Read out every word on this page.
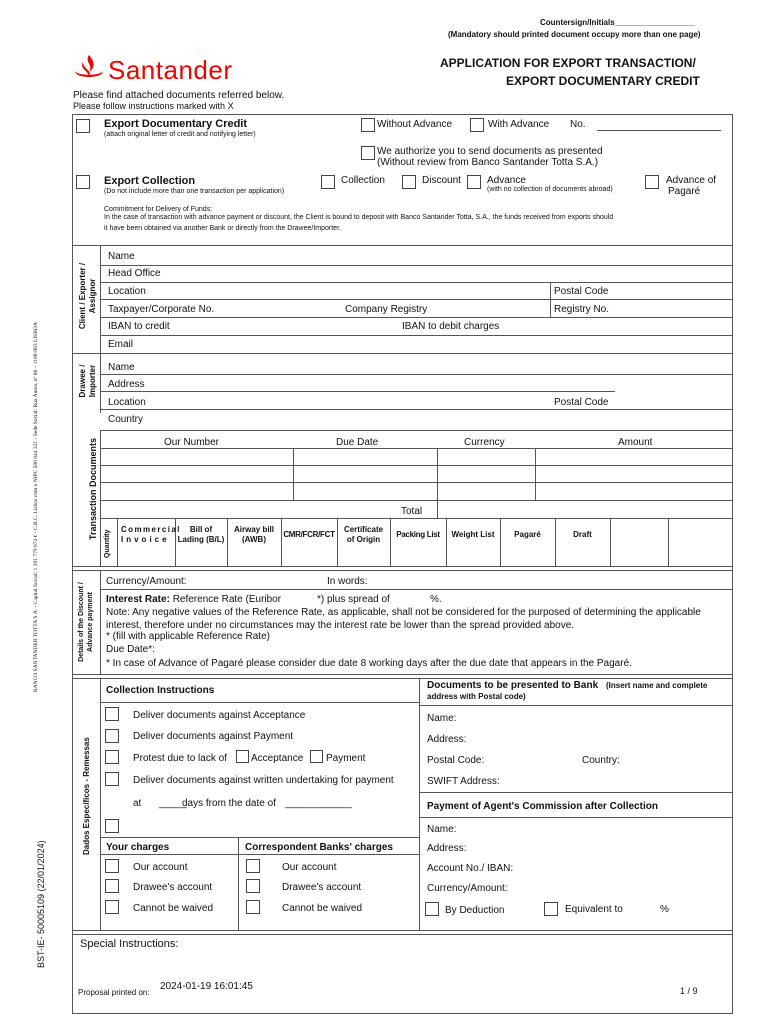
Countersign/Initials__________________
(Mandatory should printed document occupy more than one page)
Santander	APPLICATION FOR EXPORT TRANSACTION/
EXPORT DOCUMENTARY CREDIT
Please find attached documents referred below.
Please follow instructions marked with X
BANCO SANTANDER TOTTA S.A. - Capital Social: 1 391 779 674 € - C.R.C. Lisboa com o NIPC 500 844 321 - Sede Social: Rua Áurea, nº 88 – 1100-063 LISBOA
BST-IE- 50005109 (22/01/2024)
Export Documentary Credit
(attach original letter of credit and notifying letter)
Without Advance	With Advance No.
We authorize you to send documents as presented
(Without review from Banco Santander Totta S.A.)
Export Collection
(Do not include more than one transaction per application)
Collection	Discount	Advance
(with no collection of documents abroad)
Advance of
Pagaré
Commitment for Delivery of Funds:
In the case of transaction with advance payment or discount, the Client is bound to deposit with Banco Santander Totta, S.A., the funds received from exports should
it have been obtained via another Bank or directly from the Drawee/Importer.
Client / Exporter / Assignor
Name
Head Office
Location	Postal Code
Taxpayer/Corporate No.	Company Registry	Registry No.
IBAN to credit	IBAN to debit charges
Email
Drawee / Importer Name
Address
Location	Postal Code
Country
Transaction Documents	Our Number	Due Date	Currency	Amount
Total
Quantity
Commercial
Invoice
Bill of
Lading (B/L)
Airway bill
(AWB)
CMR/FCR/FCT
Certificate
of Origin
Packing List	Weight List	Pagaré	Draft
Details of the Discount / Advance payment
Currency/Amount:	In words:
Interest Rate: Reference Rate (Euribor	*) plus spread of	%.
Note: Any negative values of the Reference Rate, as applicable, shall not be considered for the purposed of determining the applicable
interest, therefore under no circumstances may the interest rate be lower than the spread provided above.
* (fill with applicable Reference Rate)
Due Date*:
* In case of Advance of Pagaré please consider due date 8 working days after the due date that appears in the Pagaré.
Dados Específicos - Remessas
Collection Instructions
Deliver documents against Acceptance
Deliver documents against Payment
Protest due to lack of Acceptance Payment
Deliver documents against written undertaking for payment
at _____
days from the date of ____________
Your charges	Correspondent Banks' charges
Our account	Our account
Drawee's account	Drawee's account
Cannot be waived	Cannot be waived
Documents to be presented to Bank (Insert name and complete
address with Postal code)
Name:
Address:
Postal Code:	Country:
SWIFT Address:
Payment of Agent's Commission after Collection
Name:
Address:
Account No./ IBAN:
Currency/Amount:
By Deduction	Equivalent to	%
Special Instructions:
Proposal printed on:
2024-01-19 16:01:45	1 / 9
